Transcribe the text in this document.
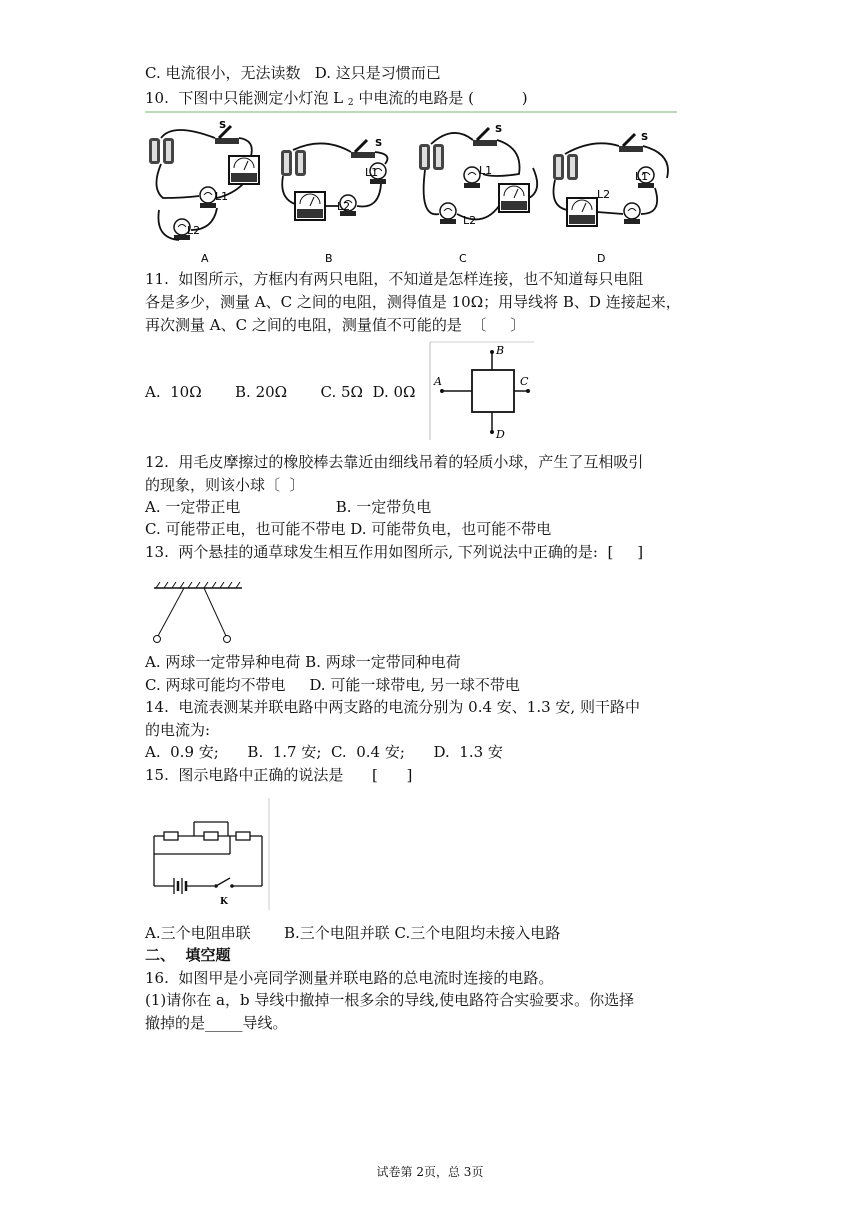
C. 电流很小，无法读数   D. 这只是习惯而已
10.  下图中只能测定小灯泡 L $_2$ 中电流的电路是 (          )
S
L1
L2
A
S
L1
L2
B
S
L1
L2
C
S
L1
L2
D
11.  如图所示，方框内有两只电阻，不知道是怎样连接，也不知道每只电阻
各是多少，测量 A、C 之间的电阻，测得值是 10Ω；用导线将 B、D 连接起来，
再次测量 A、C 之间的电阻，测量值不可能的是  〔     〕
A
B
C
D
A.  10Ω       B. 20Ω       C. 5Ω  D. 0Ω
12.  用毛皮摩擦过的橡胶棒去靠近由细线吊着的轻质小球，产生了互相吸引
的现象，则该小球〔  〕
A. 一定带正电                    B. 一定带负电
C. 可能带正电，也可能不带电 D. 可能带负电，也可能不带电
13.  两个悬挂的通草球发生相互作用如图所示, 下列说法中正确的是:  [     ]
A. 两球一定带异种电荷 B. 两球一定带同种电荷
C. 两球可能均不带电     D. 可能一球带电, 另一球不带电
14.  电流表测某并联电路中两支路的电流分别为 0.4 安、1.3 安, 则干路中
的电流为:
A.  0.9 安;      B.  1.7 安;  C.  0.4 安;      D.  1.3 安
15.  图示电路中正确的说法是      [      ]
K
A.三个电阻串联       B.三个电阻并联 C.三个电阻均未接入电路
二、  填空题
16.  如图甲是小亮同学测量并联电路的总电流时连接的电路。
(1)请你在 a，b 导线中撤掉一根多余的导线,使电路符合实验要求。你选择
撤掉的是_____导线。
试卷第 2页，总 3页
